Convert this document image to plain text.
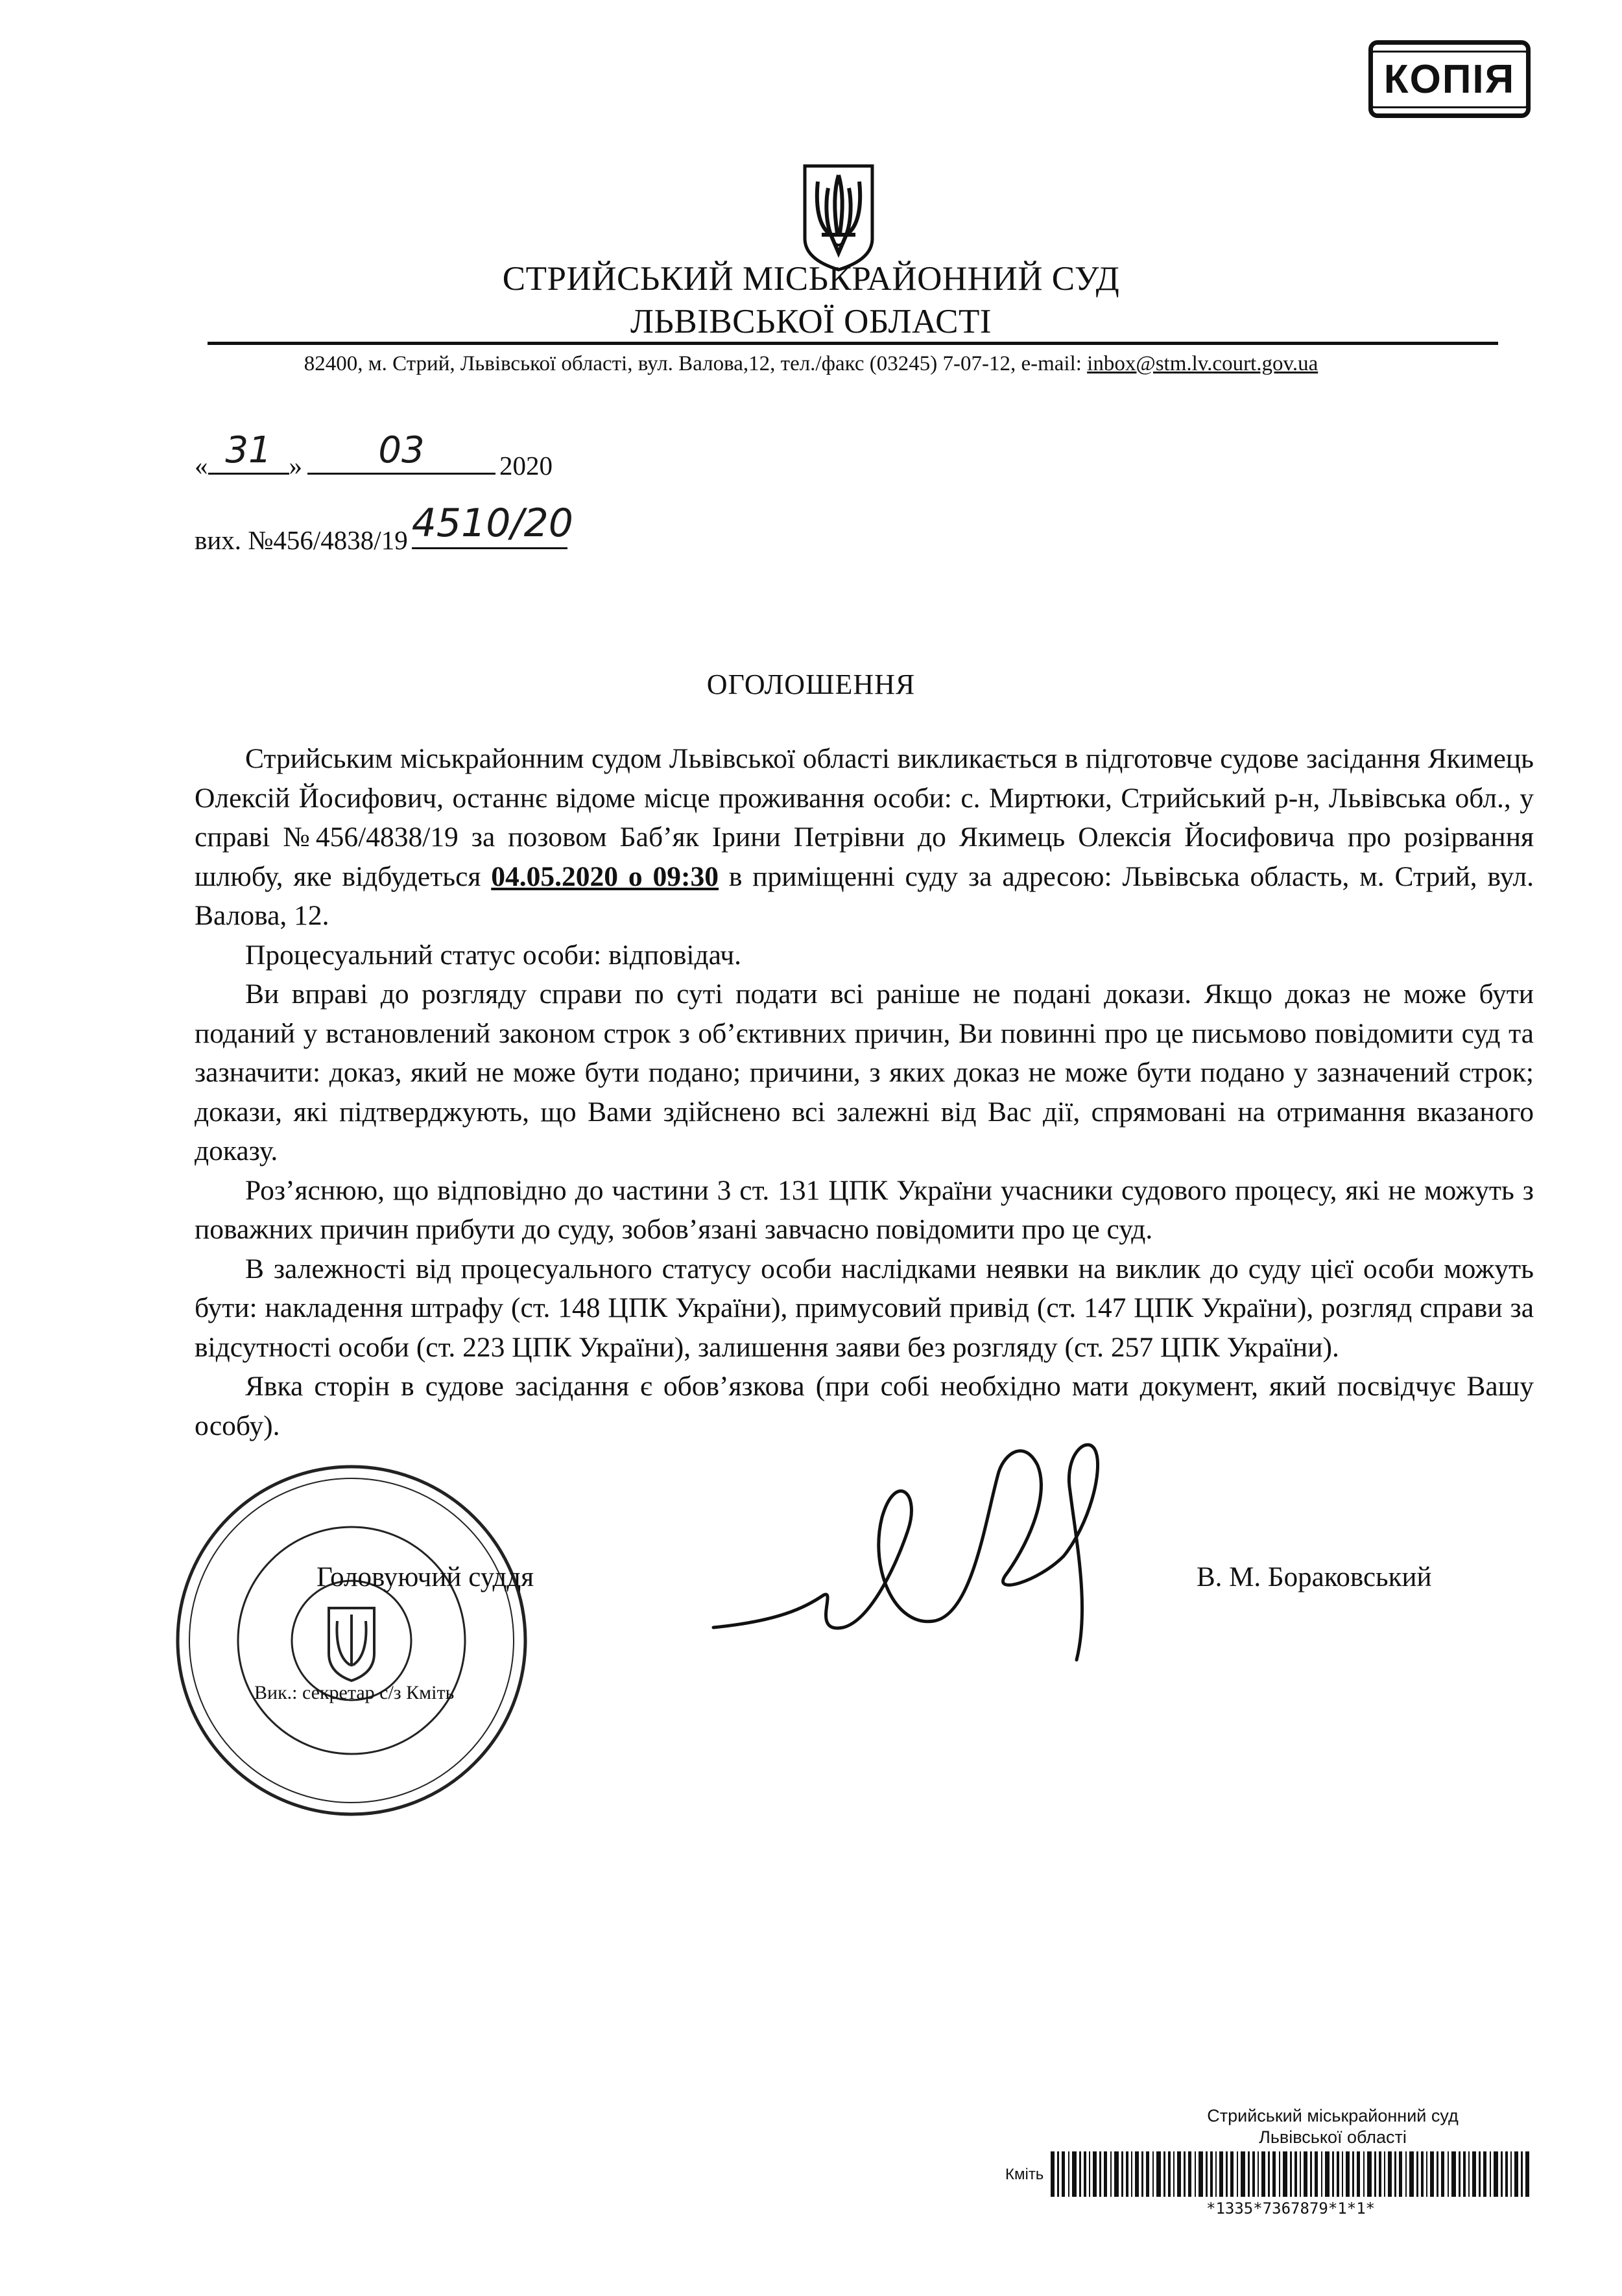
КОПІЯ
СТРИЙСЬКИЙ МІСЬКРАЙОННИЙ СУД
ЛЬВІВСЬКОЇ ОБЛАСТІ
82400, м. Стрий, Львівської області, вул. Валова,12, тел./факс (03245) 7-07-12, e-mail: inbox@stm.lv.court.gov.ua
« 31 »	03	2020
вих. №456/4838/19 4510/20
ОГОЛОШЕННЯ

Стрийським міськрайонним судом Львівської області викликається в підготовче судове засідання Якимець Олексій Йосифович, останнє відоме місце проживання особи: с. Миртюки, Стрийський р-н, Львівська обл., у справі №456/4838/19 за позовом Баб’як Ірини Петрівни до Якимець Олексія Йосифовича про розірвання шлюбу, яке відбудеться 04.05.2020 о 09:30 в приміщенні суду за адресою: Львівська область, м. Стрий, вул. Валова, 12.

Процесуальний статус особи: відповідач.

Ви вправі до розгляду справи по суті подати всі раніше не подані докази. Якщо доказ не може бути поданий у встановлений законом строк з об’єктивних причин, Ви повинні про це письмово повідомити суд та зазначити: доказ, який не може бути подано; причини, з яких доказ не може бути подано у зазначений строк; докази, які підтверджують, що Вами здійснено всі залежні від Вас дії, спрямовані на отримання вказаного доказу.

Роз’яснюю, що відповідно до частини 3 ст. 131 ЦПК України учасники судового процесу, які не можуть з поважних причин прибути до суду, зобов’язані завчасно повідомити про це суд.

В залежності від процесуального статусу особи наслідками неявки на виклик до суду цієї особи можуть бути: накладення штрафу (ст. 148 ЦПК України), примусовий привід (ст. 147 ЦПК України), розгляд справи за відсутності особи (ст. 223 ЦПК України), залишення заяви без розгляду (ст. 257 ЦПК України).

Явка сторін в судове засідання є обов’язкова (при собі необхідно мати документ, який посвідчує Вашу особу).

Головуючий суддя	В. М. Бораковський
Вик.: секретар с/з Кміть
Стрийський міськрайонний суд
Львівської області
Кміть
*1335*7367879*1*1*
